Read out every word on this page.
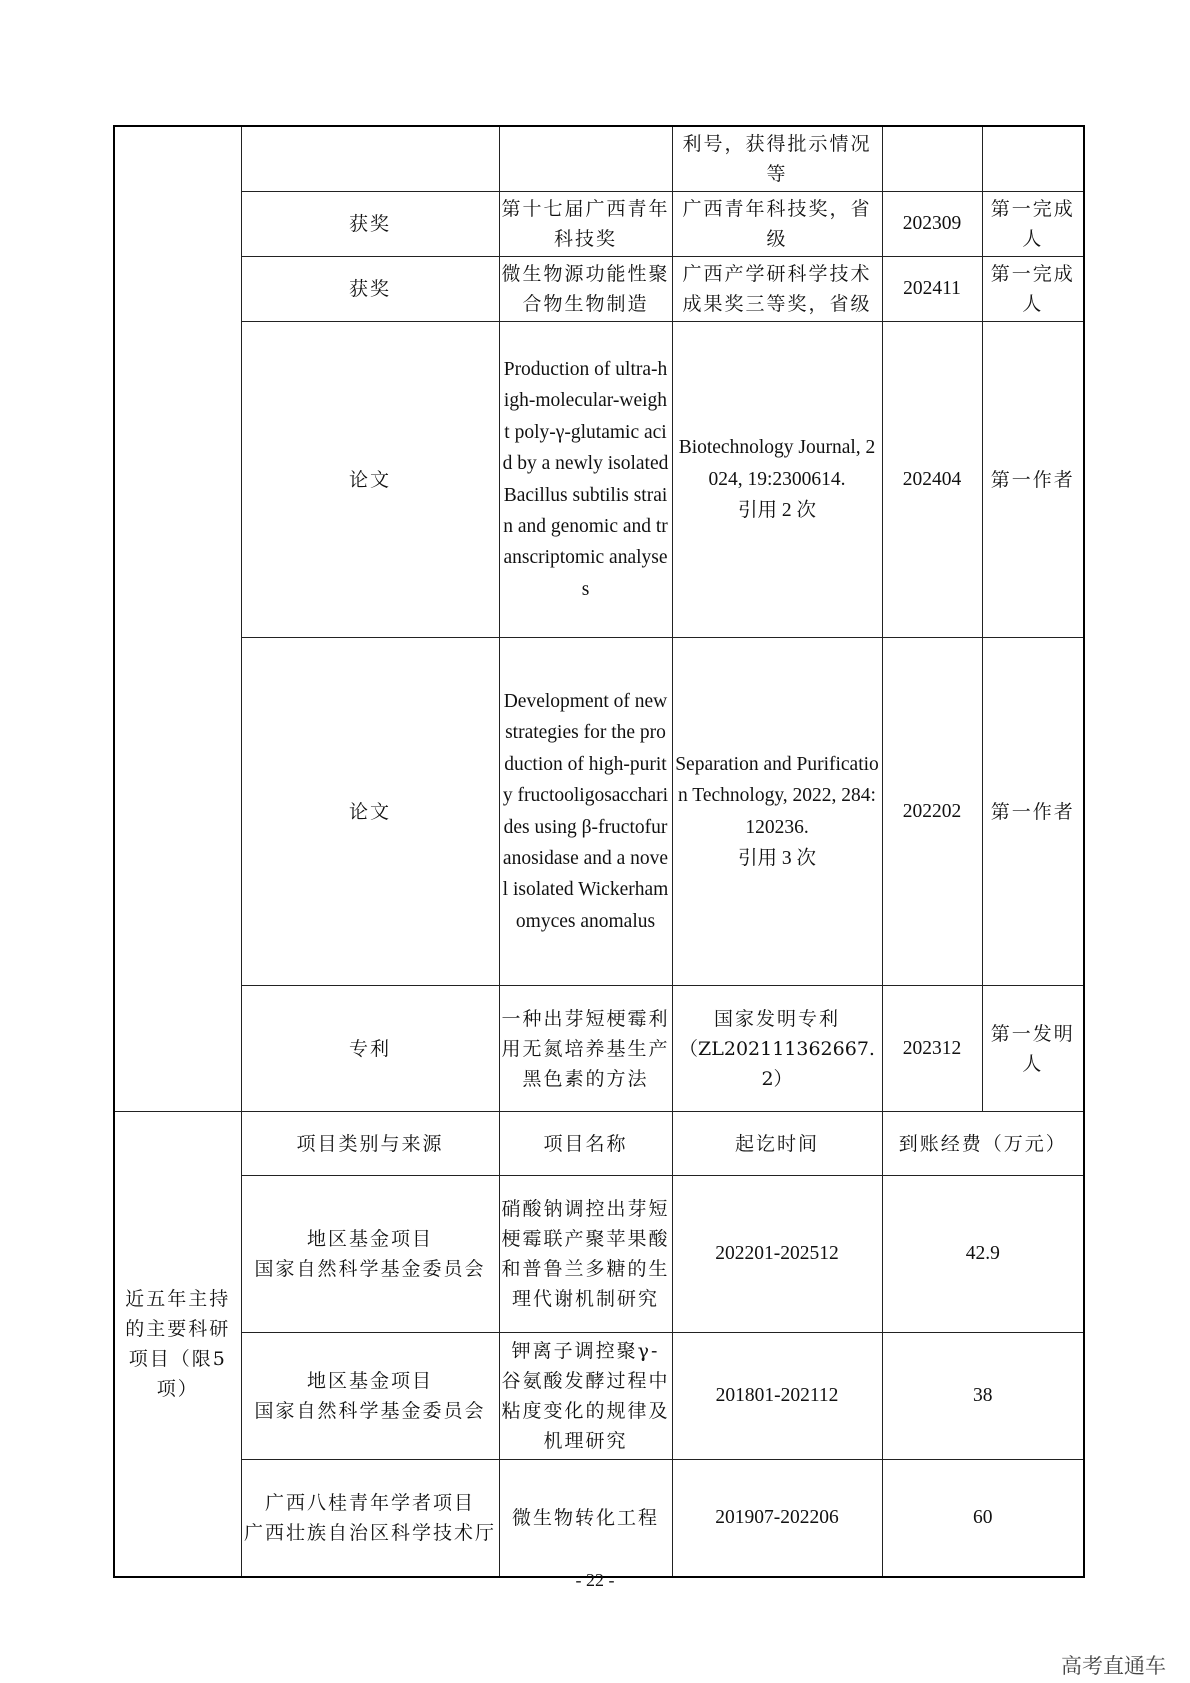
			利号，获得批示情况等		
	获奖	第十七届广西青年科技奖	广西青年科技奖，省级	202309	第一完成人
	获奖	微生物源功能性聚合物生物制造	广西产学研科学技术成果奖三等奖，省级	202411	第一完成人
	论文	Production of ultra-high-molecular-weight poly-γ-glutamic acid by a newly isolated Bacillus subtilis strain and genomic and transcriptomic analyses	Biotechnology Journal, 2024, 19:2300614.
引用 2 次	202404	第一作者
	论文	Development of new strategies for the production of high-purity fructooligosaccharides using β-fructofuranosidase and a novel isolated Wickerhamomyces anomalus	Separation and Purification Technology, 2022, 284: 120236.
引用 3 次	202202	第一作者
	专利	一种出芽短梗霉利用无氮培养基生产黑色素的方法	国家发明专利
（ZL202111362667.2）	202312	第一发明人
近五年主持的主要科研项目（限5项）	项目类别与来源	项目名称	起讫时间	到账经费（万元）	

	地区基金项目
国家自然科学基金委员会	硝酸钠调控出芽短梗霉联产聚苹果酸和普鲁兰多糖的生理代谢机制研究	202201-202512	42.9	

	地区基金项目
国家自然科学基金委员会	钾离子调控聚γ-谷氨酸发酵过程中粘度变化的规律及机理研究	201801-202112	38	

	广西八桂青年学者项目
广西壮族自治区科学技术厅	微生物转化工程	201907-202206	60	
- 22 -
高考直通车
